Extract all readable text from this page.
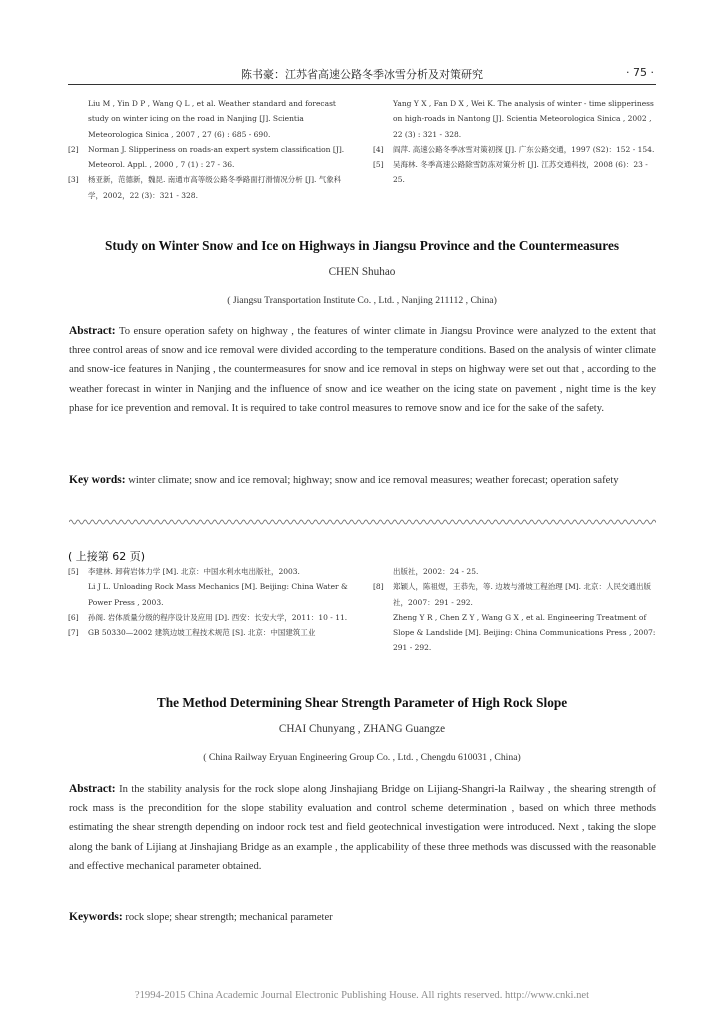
陈书豪：江苏省高速公路冬季冰雪分析及对策研究	· 75 ·
Liu M , Yin D P , Wang Q L , et al. Weather standard and forecast study on winter icing on the road in Nanjing [J]. Scientia Meteorologica Sinica , 2007 , 27 (6) : 685 - 690.
[2]	Norman J. Slipperiness on roads-an expert system classification [J]. Meteorol. Appl. , 2000 , 7 (1) : 27 - 36.
[3]	杨亚新，范德新，魏昆. 南通市高等级公路冬季路面打滑情况分析 [J]. 气象科学，2002，22 (3)：321 - 328.
Yang Y X , Fan D X , Wei K. The analysis of winter - time slipperiness on high-roads in Nantong [J]. Scientia Meteorologica Sinica , 2002 , 22 (3) : 321 - 328.
[4]	阎萍. 高速公路冬季冰雪对策初探 [J]. 广东公路交通，1997 (S2)：152 - 154.
[5]	吴海林. 冬季高速公路除雪防冻对策分析 [J]. 江苏交通科技，2008 (6)：23 - 25.
Study on Winter Snow and Ice on Highways in Jiangsu Province and the Countermeasures
CHEN Shuhao
( Jiangsu Transportation Institute Co. , Ltd. , Nanjing 211112 , China)
Abstract: To ensure operation safety on highway , the features of winter climate in Jiangsu Province were analyzed to the extent that three control areas of snow and ice removal were divided according to the temperature conditions. Based on the analysis of winter climate and snow-ice features in Nanjing , the countermeasures for snow and ice removal in steps on highway were set out that , according to the weather forecast in winter in Nanjing and the influence of snow and ice weather on the icing state on pavement , night time is the key phase for ice prevention and removal. It is required to take control measures to remove snow and ice for the sake of the safety.
Key words: winter climate; snow and ice removal; highway; snow and ice removal measures; weather forecast; operation safety
( 上接第 62 页)
[5]	李建林. 卸荷岩体力学 [M]. 北京：中国水利水电出版社，2003.
Li J L. Unloading Rock Mass Mechanics [M]. Beijing: China Water & Power Press , 2003.
[6]	孙阁. 岩体质量分级的程序设计及应用 [D]. 西安：长安大学，2011：10 - 11.
[7]	GB 50330—2002 建筑边坡工程技术规范 [S]. 北京：中国建筑工业
出版社，2002：24 - 25.
[8]	郑颖人，陈祖煜，王恭先，等. 边坡与滑坡工程治理 [M]. 北京：人民交通出版社，2007：291 - 292.
Zheng Y R , Chen Z Y , Wang G X , et al. Engineering Treatment of Slope & Landslide [M]. Beijing: China Communications Press , 2007: 291 - 292.
The Method Determining Shear Strength Parameter of High Rock Slope
CHAI Chunyang , ZHANG Guangze
( China Railway Eryuan Engineering Group Co. , Ltd. , Chengdu 610031 , China)
Abstract: In the stability analysis for the rock slope along Jinshajiang Bridge on Lijiang-Shangri-la Railway , the shearing strength of rock mass is the precondition for the slope stability evaluation and control scheme determination , based on which three methods estimating the shear strength depending on indoor rock test and field geotechnical investigation were introduced. Next , taking the slope along the bank of Lijiang at Jinshajiang Bridge as an example , the applicability of these three methods was discussed with the reasonable and effective mechanical parameter obtained.
Keywords: rock slope; shear strength; mechanical parameter
?1994-2015 China Academic Journal Electronic Publishing House. All rights reserved. http://www.cnki.net
